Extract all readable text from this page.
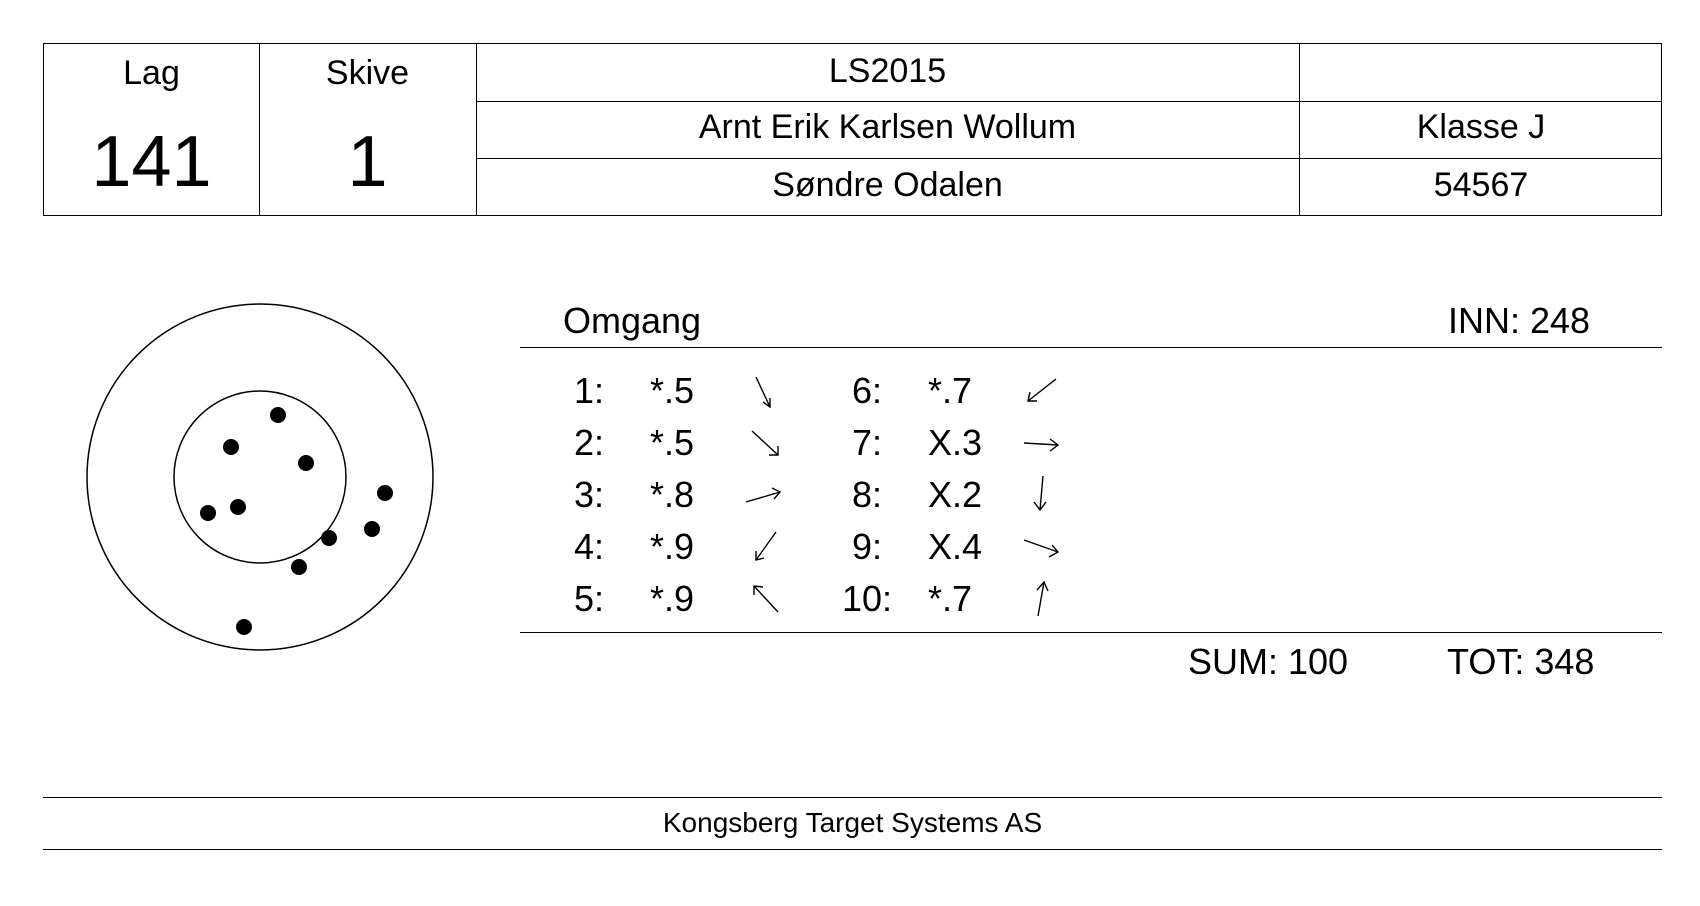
Lag
141
Skive
1
LS2015
Arnt Erik Karlsen Wollum	Klasse J
Søndre Odalen	54567
Omgang	INN: 248
1: *.5
2: *.5
3: *.8
4: *.9
5: *.9
6: *.7
7: X.3
8: X.2
9: X.4
10: *.7
SUM: 100	TOT: 348
Kongsberg Target Systems AS
